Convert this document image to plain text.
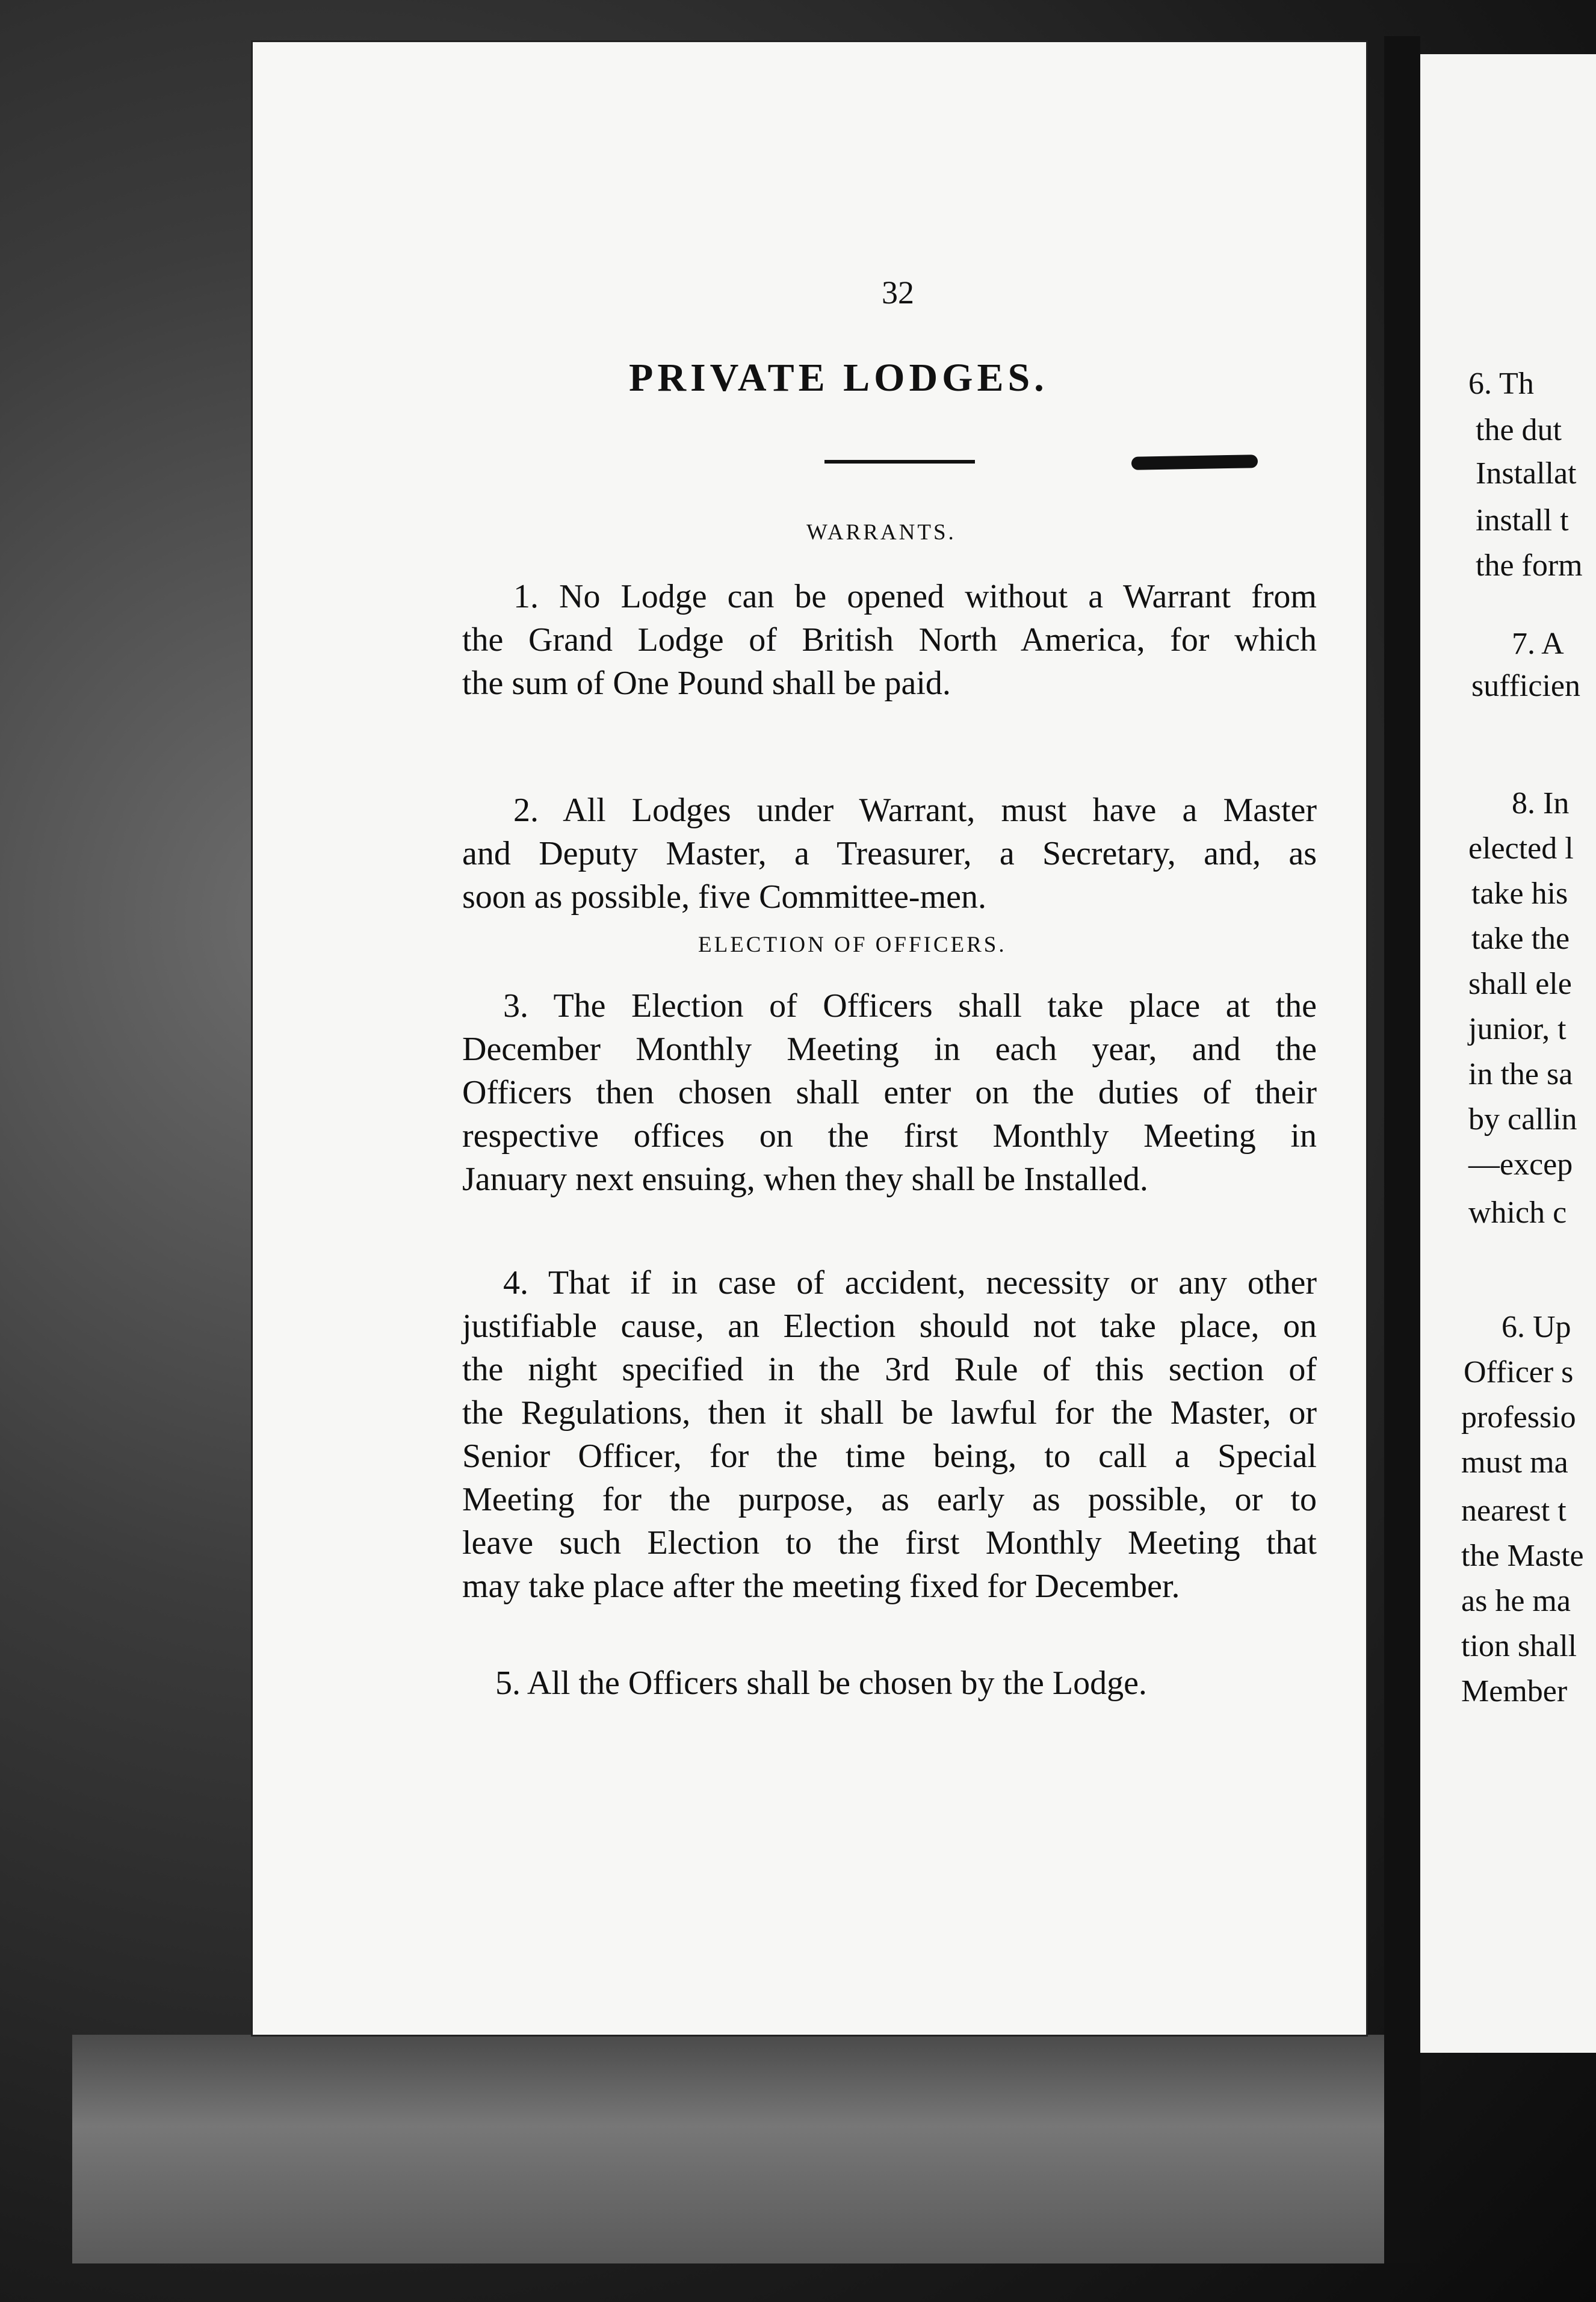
32
PRIVATE LODGES.
WARRANTS.
1. No Lodge can be opened without a Warrant from
the Grand Lodge of British North America, for which
the sum of One Pound shall be paid.
2. All Lodges under Warrant, must have a Master
and Deputy Master, a Treasurer, a Secretary, and, as
soon as possible, five Committee-men.
ELECTION OF OFFICERS.
3. The Election of Officers shall take place at the
December Monthly Meeting in each year, and the
Officers then chosen shall enter on the duties of their
respective offices on the first Monthly Meeting in
January next ensuing, when they shall be Installed.
4. That if in case of accident, necessity or any other
justifiable cause, an Election should not take place, on
the night specified in the 3rd Rule of this section of
the Regulations, then it shall be lawful for the Master, or
Senior Officer, for the time being, to call a Special
Meeting for the purpose, as early as possible, or to
leave such Election to the first Monthly Meeting that
may take place after the meeting fixed for December.
5. All the Officers shall be chosen by the Lodge.
6. Th
the dut
Installat
install t
the form
7. A
sufficien
8. In
elected l
take his
take the
shall ele
junior, t
in the sa
by callin
—excep
which c
6. Up
Officer s
professio
must ma
nearest t
the Maste
as he ma
tion shall
Member
